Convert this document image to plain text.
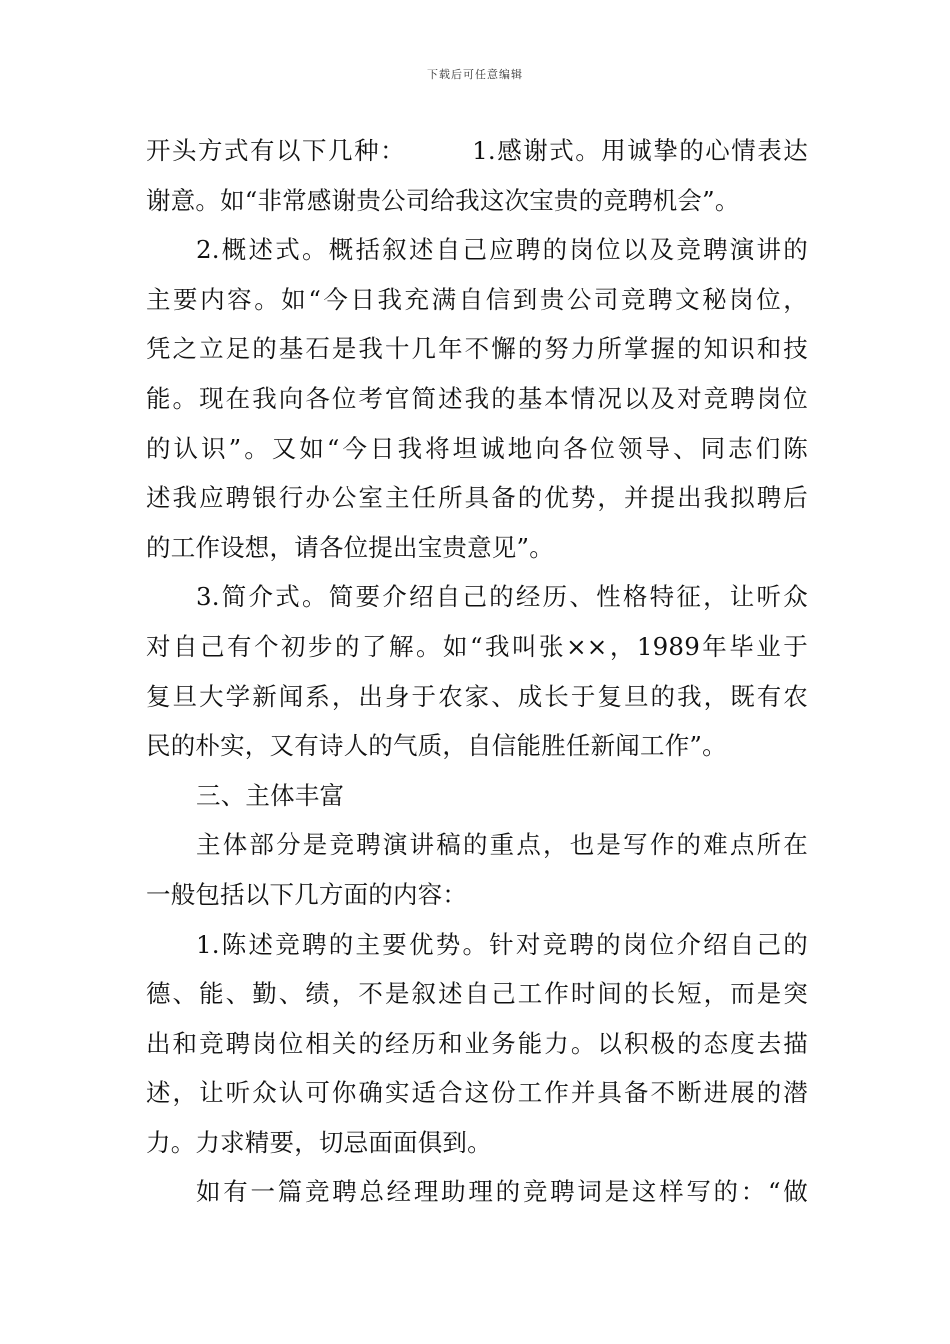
下载后可任意编辑
开头方式有以下几种：	1.感谢式。用诚挚的心情表达
谢意。如“非常感谢贵公司给我这次宝贵的竞聘机会”。
2.概述式。概括叙述自己应聘的岗位以及竞聘演讲的
主要内容。如“今日我充满自信到贵公司竞聘文秘岗位，
凭之立足的基石是我十几年不懈的努力所掌握的知识和技
能。现在我向各位考官简述我的基本情况以及对竞聘岗位
的认识”。又如“今日我将坦诚地向各位领导、同志们陈
述我应聘银行办公室主任所具备的优势，并提出我拟聘后
的工作设想，请各位提出宝贵意见”。
3.简介式。简要介绍自己的经历、性格特征，让听众
对自己有个初步的了解。如“我叫张××，1989年毕业于
复旦大学新闻系，出身于农家、成长于复旦的我，既有农
民的朴实，又有诗人的气质，自信能胜任新闻工作”。
三、主体丰富
主体部分是竞聘演讲稿的重点，也是写作的难点所在
一般包括以下几方面的内容：
1.陈述竞聘的主要优势。针对竞聘的岗位介绍自己的
德、能、勤、绩，不是叙述自己工作时间的长短，而是突
出和竞聘岗位相关的经历和业务能力。以积极的态度去描
述，让听众认可你确实适合这份工作并具备不断进展的潜
力。力求精要，切忌面面俱到。
如有一篇竞聘总经理助理的竞聘词是这样写的：“做
